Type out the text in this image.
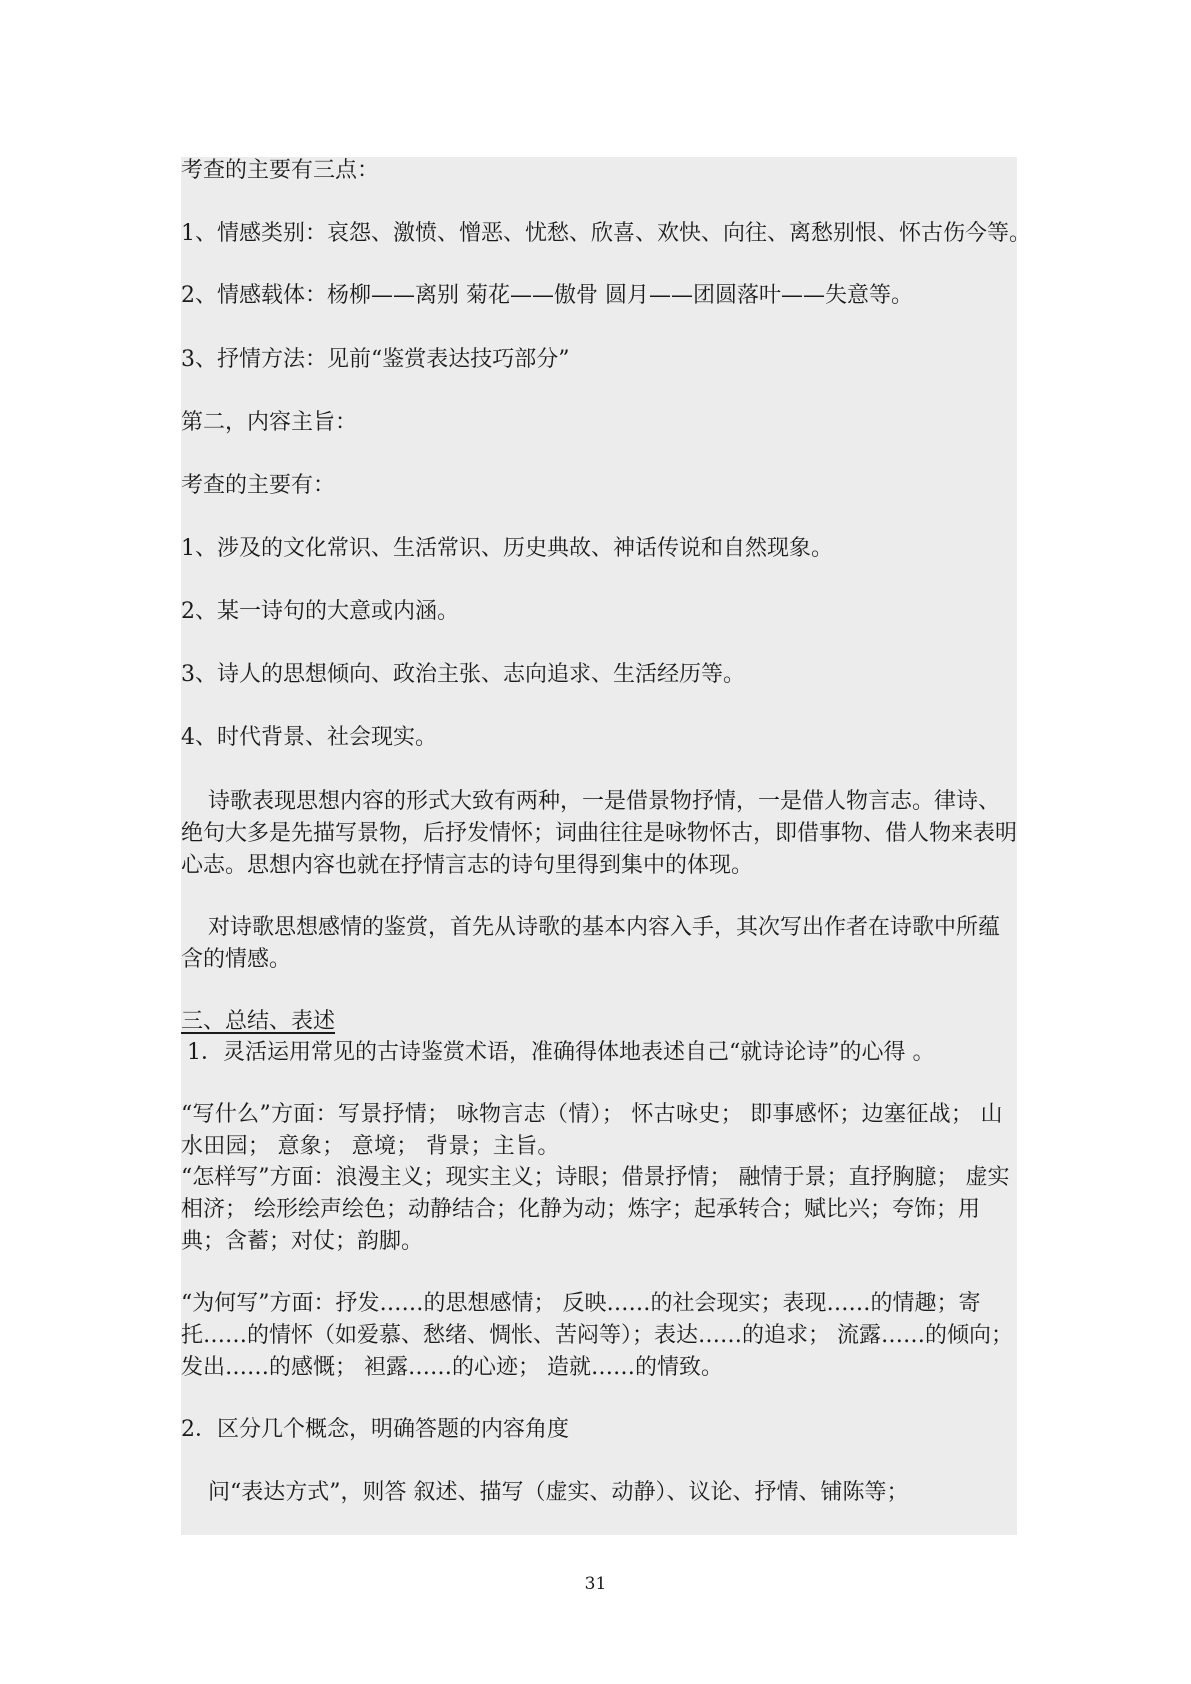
考查的主要有三点：
1、情感类别：哀怨、激愤、憎恶、忧愁、欣喜、欢快、向往、离愁别恨、怀古伤今等。
2、情感载体：杨柳——离别 菊花——傲骨 圆月——团圆落叶——失意等。
3、抒情方法：见前“鉴赏表达技巧部分”
第二，内容主旨：
考查的主要有：
1、涉及的文化常识、生活常识、历史典故、神话传说和自然现象。
2、某一诗句的大意或内涵。
3、诗人的思想倾向、政治主张、志向追求、生活经历等。
4、时代背景、社会现实。
诗歌表现思想内容的形式大致有两种，一是借景物抒情，一是借人物言志。律诗、绝句大多是先描写景物，后抒发情怀；词曲往往是咏物怀古，即借事物、借人物来表明心志。思想内容也就在抒情言志的诗句里得到集中的体现。
对诗歌思想感情的鉴赏，首先从诗歌的基本内容入手，其次写出作者在诗歌中所蕴含的情感。
三、总结、表述
1．灵活运用常见的古诗鉴赏术语，准确得体地表述自己“就诗论诗”的心得 。
“写什么”方面：写景抒情； 咏物言志（情）； 怀古咏史； 即事感怀；边塞征战； 山水田园； 意象； 意境； 背景；主旨。
“怎样写”方面：浪漫主义；现实主义；诗眼；借景抒情； 融情于景；直抒胸臆； 虚实相济； 绘形绘声绘色；动静结合；化静为动；炼字；起承转合；赋比兴；夸饰；用典；含蓄；对仗；韵脚。
“为何写”方面：抒发……的思想感情； 反映……的社会现实；表现……的情趣；寄托……的情怀（如爱慕、愁绪、惆怅、苦闷等）；表达……的追求； 流露……的倾向；发出……的感慨； 袒露……的心迹； 造就……的情致。
2．区分几个概念，明确答题的内容角度
问“表达方式”，则答 叙述、描写（虚实、动静）、议论、抒情、铺陈等；
31
